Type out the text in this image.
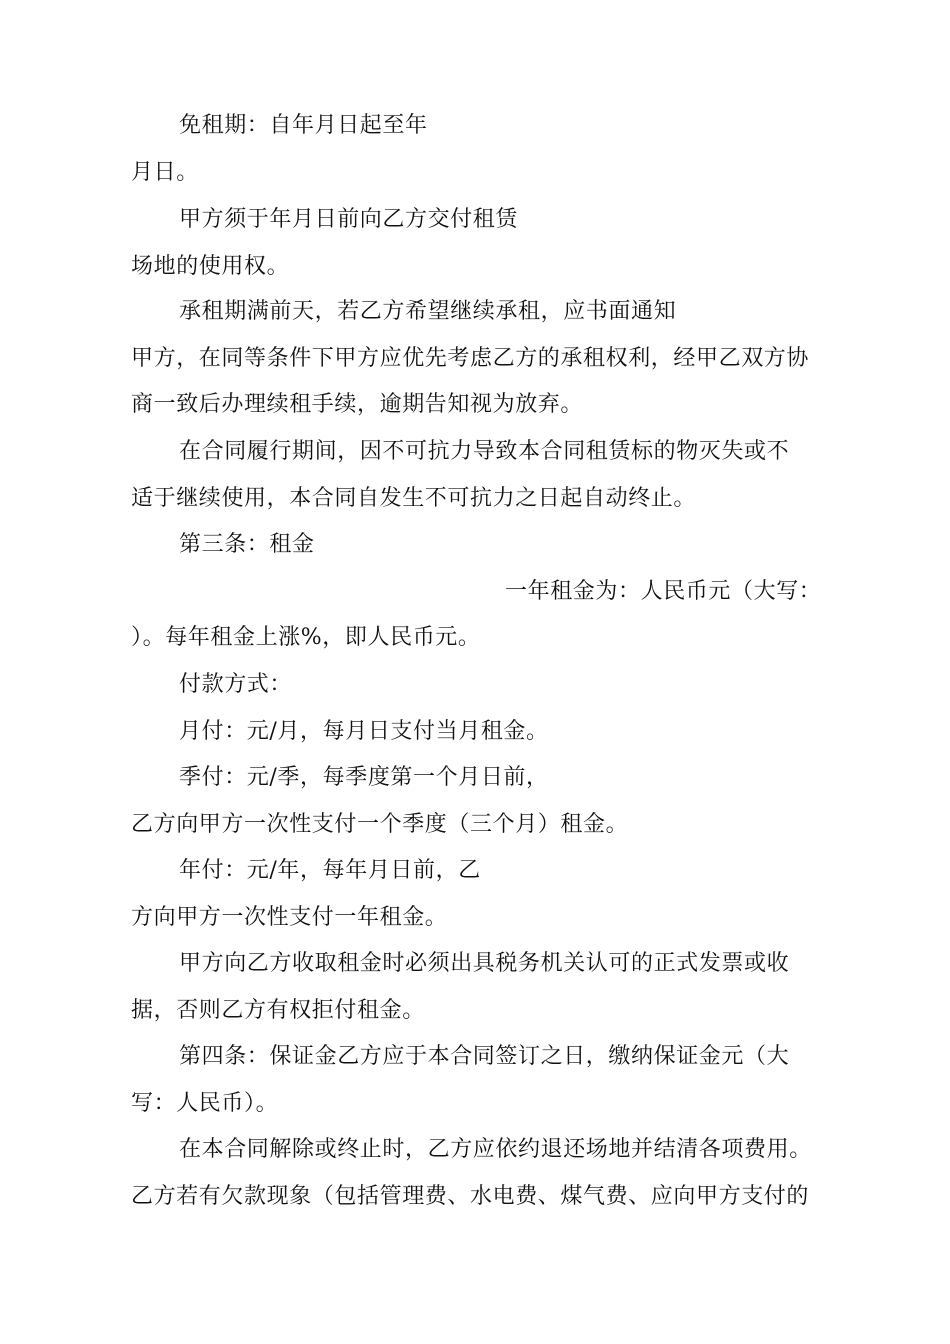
免租期：自年月日起至年

月日。

甲方须于年月日前向乙方交付租赁

场地的使用权。

承租期满前天，若乙方希望继续承租，应书面通知

甲方，在同等条件下甲方应优先考虑乙方的承租权利，经甲乙双方协

商一致后办理续租手续，逾期告知视为放弃。

在合同履行期间，因不可抗力导致本合同租赁标的物灭失或不

适于继续使用，本合同自发生不可抗力之日起自动终止。

第三条：租金

一年租金为：人民币元（大写：

）。每年租金上涨%，即人民币元。

付款方式：

月付：元/月，每月日支付当月租金。

季付：元/季，每季度第一个月日前，

乙方向甲方一次性支付一个季度（三个月）租金。

年付：元/年，每年月日前，乙

方向甲方一次性支付一年租金。

甲方向乙方收取租金时必须出具税务机关认可的正式发票或收

据，否则乙方有权拒付租金。

第四条：保证金乙方应于本合同签订之日，缴纳保证金元（大

写：人民币）。

在本合同解除或终止时，乙方应依约退还场地并结清各项费用。

乙方若有欠款现象（包括管理费、水电费、煤气费、应向甲方支付的
